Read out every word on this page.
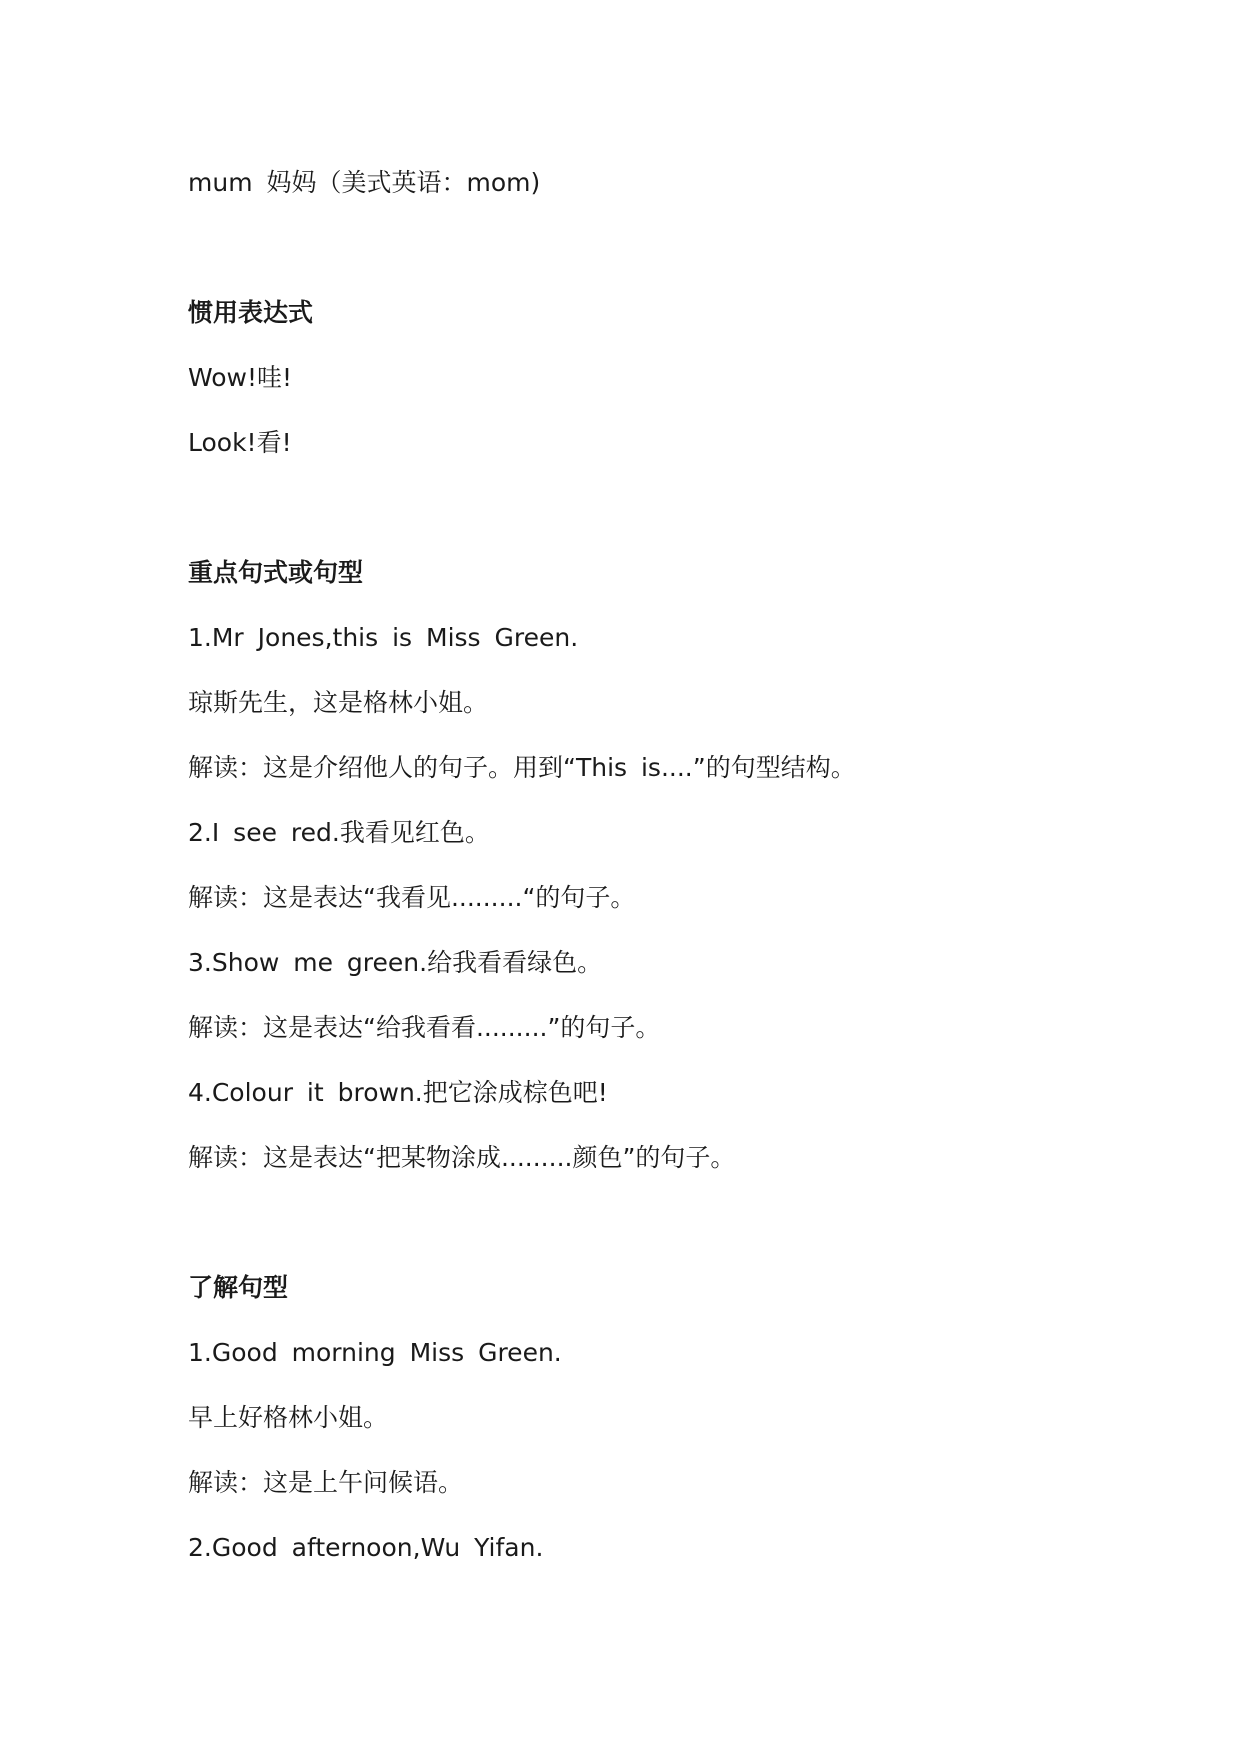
mum 妈妈（美式英语：mom)
惯用表达式
Wow!哇!
Look!看!
重点句式或句型
1.Mr Jones,this is Miss Green.
琼斯先生，这是格林小姐。
解读：这是介绍他人的句子。用到“This is....”的句型结构。
2.I see red.我看见红色。
解读：这是表达“我看见.........“的句子。
3.Show me green.给我看看绿色。
解读：这是表达“给我看看.........”的句子。
4.Colour it brown.把它涂成棕色吧!
解读：这是表达“把某物涂成.........颜色”的句子。
了解句型
1.Good morning Miss Green.
早上好格林小姐。
解读：这是上午问候语。
2.Good afternoon,Wu Yifan.
